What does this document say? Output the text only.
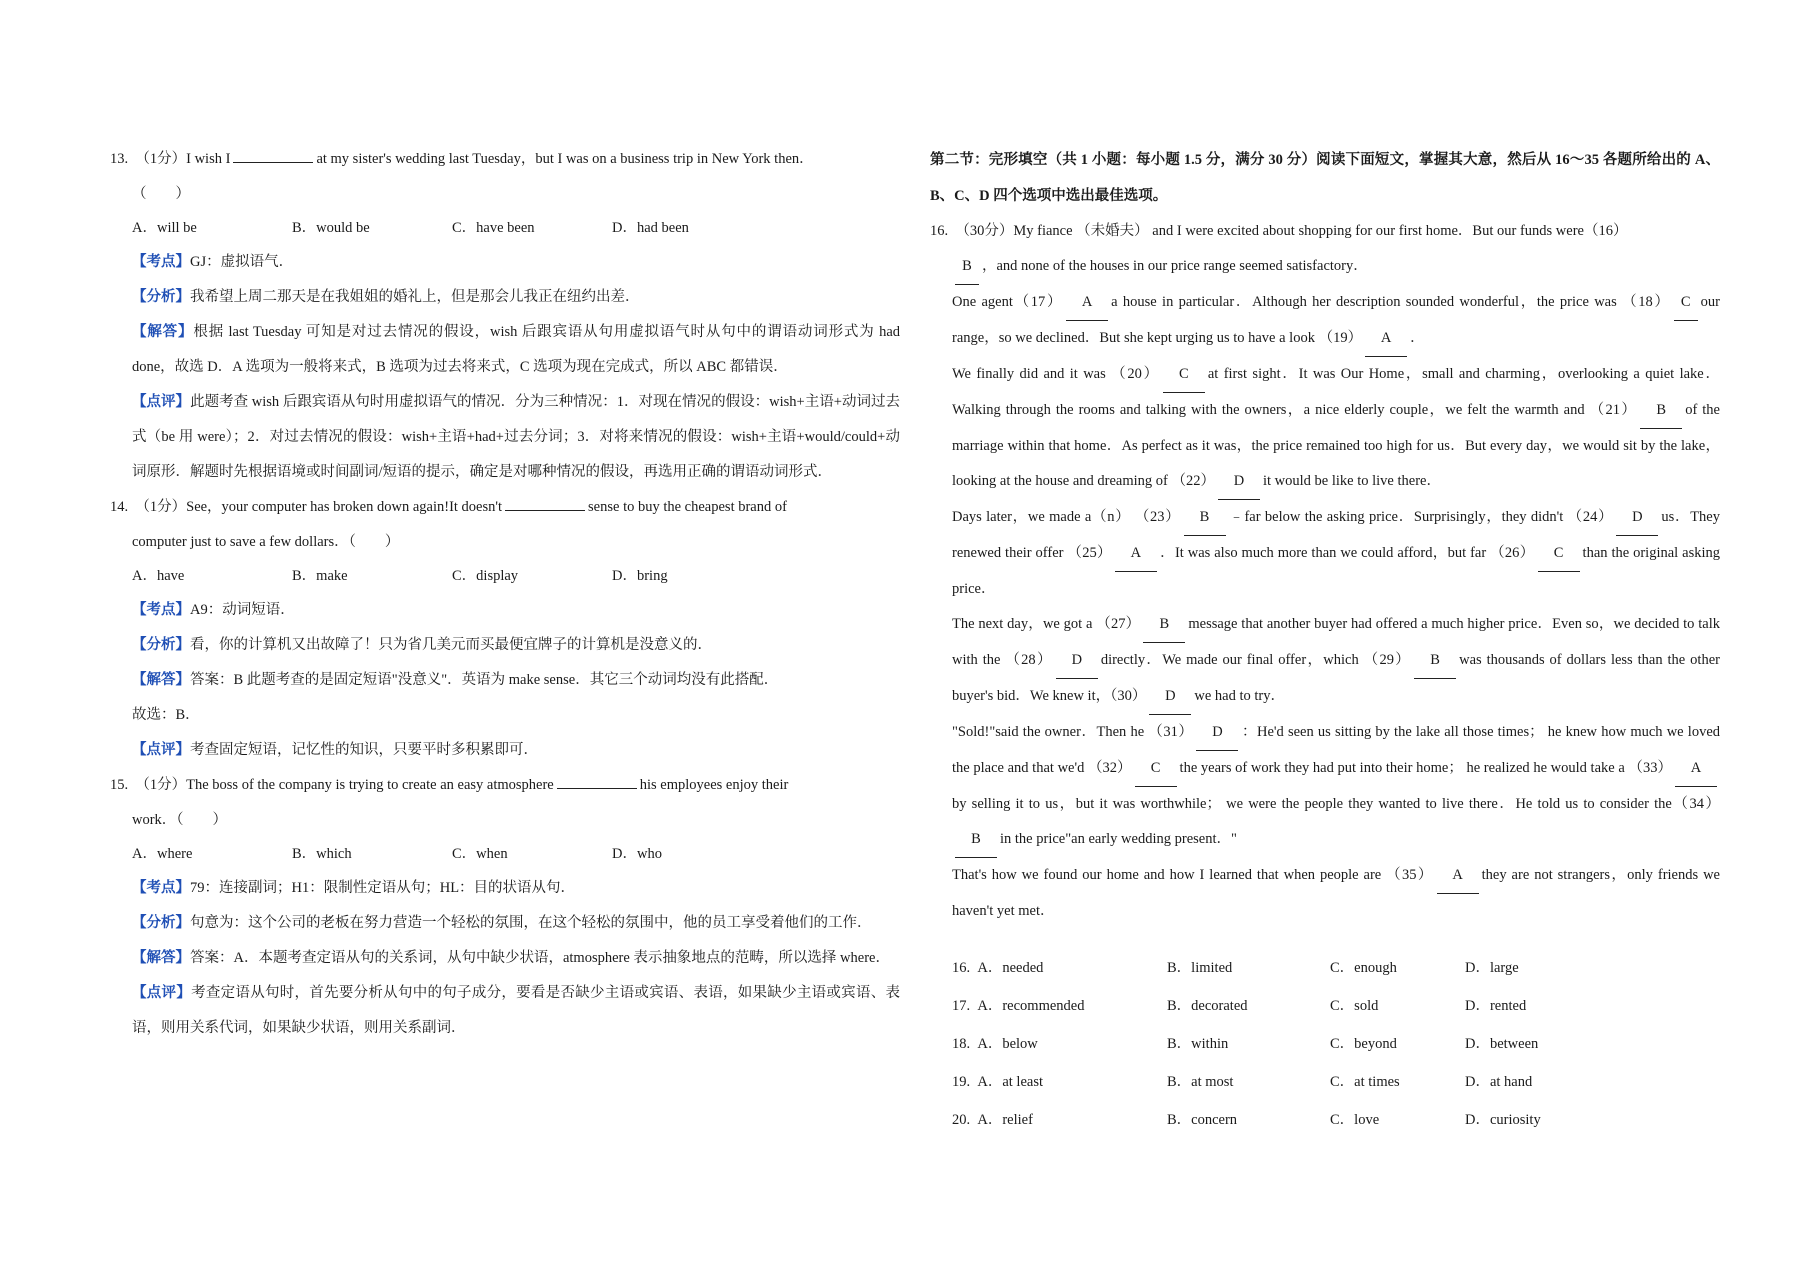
13.  （1分）I wish I	at my sister's wedding last Tuesday，but I was on a business trip in New York then．
（　　）
A．will be	B．would be	C．have been	D．had been
【考点】GJ：虚拟语气．
【分析】我希望上周二那天是在我姐姐的婚礼上，但是那会儿我正在纽约出差．
【解答】根据 last Tuesday 可知是对过去情况的假设，wish 后跟宾语从句用虚拟语气时从句中的谓语动词形式为 had done，故选 D．A 选项为一般将来式，B 选项为过去将来式，C 选项为现在完成式，所以 ABC 都错误．
【点评】此题考查 wish 后跟宾语从句时用虚拟语气的情况．分为三种情况：1．对现在情况的假设：wish+主语+动词过去式（be 用 were）；2．对过去情况的假设：wish+主语+had+过去分词；3．对将来情况的假设：wish+主语+would/could+动词原形．解题时先根据语境或时间副词/短语的提示，确定是对哪种情况的假设，再选用正确的谓语动词形式．
14.  （1分）See，your computer has broken down again!It doesn't	sense to buy the cheapest brand of
computer just to save a few dollars．（　　）
A．have	B．make	C．display	D．bring
【考点】A9：动词短语．
【分析】看，你的计算机又出故障了！只为省几美元而买最便宜牌子的计算机是没意义的．
【解答】答案：B 此题考查的是固定短语"没意义"．英语为 make sense．其它三个动词均没有此搭配．
故选：B．
【点评】考查固定短语，记忆性的知识，只要平时多积累即可．
15.  （1分）The boss of the company is trying to create an easy atmosphere	his employees enjoy their
work．（　　）
A．where	B．which	C．when	D．who
【考点】79：连接副词；H1：限制性定语从句；HL：目的状语从句．
【分析】句意为：这个公司的老板在努力营造一个轻松的氛围，在这个轻松的氛围中，他的员工享受着他们的工作．
【解答】答案：A．本题考查定语从句的关系词，从句中缺少状语，atmosphere 表示抽象地点的范畴，所以选择 where．
【点评】考查定语从句时，首先要分析从句中的句子成分，要看是否缺少主语或宾语、表语，如果缺少主语或宾语、表语，则用关系代词，如果缺少状语，则用关系副词．
第二节：完形填空（共 1 小题：每小题 1.5 分，满分 30 分）阅读下面短文，掌握其大意，然后从 16～35 各题所给出的 A、B、C、D 四个选项中选出最佳选项。
16.  （30分）My fiance （未婚夫） and I were excited about shopping for our first home．But our funds were（16）
B ，and none of the houses in our price range seemed satisfactory．
One agent（17） A a house in particular．Although her description sounded wonderful，the price was （18） C our range，so we declined．But she kept urging us to have a look （19） A ．
We finally did and it was （20） C at first sight．It was Our Home，small and charming，overlooking a quiet lake．Walking through the rooms and talking with the owners，a nice elderly couple，we felt the warmth and （21） B of the marriage within that home．As perfect as it was，the price remained too high for us．But every day，we would sit by the lake，looking at the house and dreaming of （22） D it would be like to live there．
Days later，we made a（n） （23） B ﹣far below the asking price．Surprisingly，they didn't （24） D us．They renewed their offer （25） A ．It was also much more than we could afford，but far （26） C than the original asking price．
The next day，we got a （27） B message that another buyer had offered a much higher price．Even so，we decided to talk with the （28） D directly．We made our final offer，which （29） B was thousands of dollars less than the other buyer's bid．We knew it，（30） D we had to try．
"Sold!"said the owner．Then he （31） D ：He'd seen us sitting by the lake all those times； he knew how much we loved the place and that we'd （32） C the years of work they had put into their home； he realized he would take a （33） Aby selling it to us，but it was worthwhile； we were the people they wanted to live there．He told us to consider the（34）B in the price"an early wedding present．"
That's how we found our home and how I learned that when people are （35） A they are not strangers，only friends we haven't yet met．
16. A．needed	B．limited	C．enough	D．large
17. A．recommended	B．decorated	C．sold	D．rented
18. A．below	B．within	C．beyond	D．between
19. A．at least	B．at most	C．at times	D．at hand
20. A．relief	B．concern	C．love	D．curiosity
